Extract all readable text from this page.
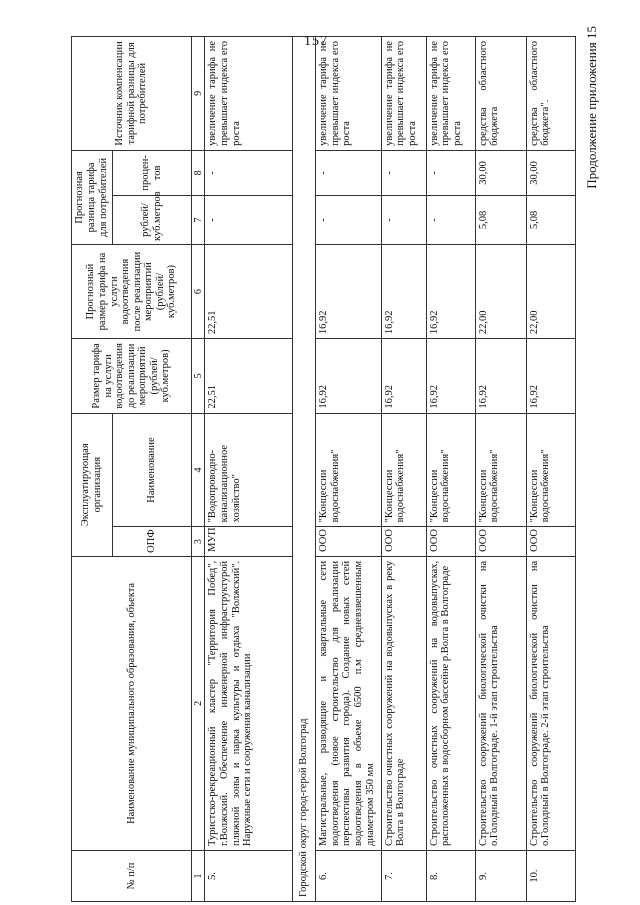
157	Продолжение приложения 15
№ п/п	Наименование муниципального образования, объекта	Эксплуатирующая организация		Размер тарифа на услуги водоотведения до реализации мероприятий (рублей/ куб.метров)	Прогнозный размер тарифа на услуги водоотведения после реализации мероприятий (рублей/ куб.метров)	Прогнозная разница тарифа для потребителей		Источник компенсации тарифной разницы для потребителей
		ОПФ	Наименование			рублей/ куб.метров	процен-тов	
1	2	3	4	5	6	7	8	9
5.	Туристско-рекреационный кластер "Территория Побед", г.Волжский. Обеспечение инженерной инфраструктурой пляжной зоны и парка культуры и отдыха "Волжский". Наружные сети и сооружения канализации	МУП	"Водопроводно-канализационное хозяйство"	22,51	22,51	-	-	увеличение тарифа не превышает индекса его роста
Городской округ город-герой Волгоград								
6.	Магистральные, разводящие и квартальные сети водоотведения (новое строительство для реализации перспективы развития города). Создание новых сетей водоотведения в объеме 6500 п.м средневзвешенным диаметром 350 мм	ООО	"Концессии водоснабжения"	16,92	16,92	-	-	увеличение тарифа не превышает индекса его роста
7.	Строительство очистных сооружений на водовыпусках в реку Волга в Волгограде	ООО	"Концессии водоснабжения"	16,92	16,92	-	-	увеличение тарифа не превышает индекса его роста
8.	Строительство очистных сооружений на водовыпусках, расположенных в водосборном бассейне р.Волга в Волгограде	ООО	"Концессии водоснабжения"	16,92	16,92	-	-	увеличение тарифа не превышает индекса его роста
9.	Строительство сооружений биологической очистки на о.Голодный в Волгограде. 1-й этап строительства	ООО	"Концессии водоснабжения"	16,92	22,00	5,08	30,00	средства областного бюджета
10.	Строительство сооружений биологической очистки на о.Голодный в Волгограде. 2-й этап строительства	ООО	"Концессии водоснабжения"	16,92	22,00	5,08	30,00	средства областного бюджета".
